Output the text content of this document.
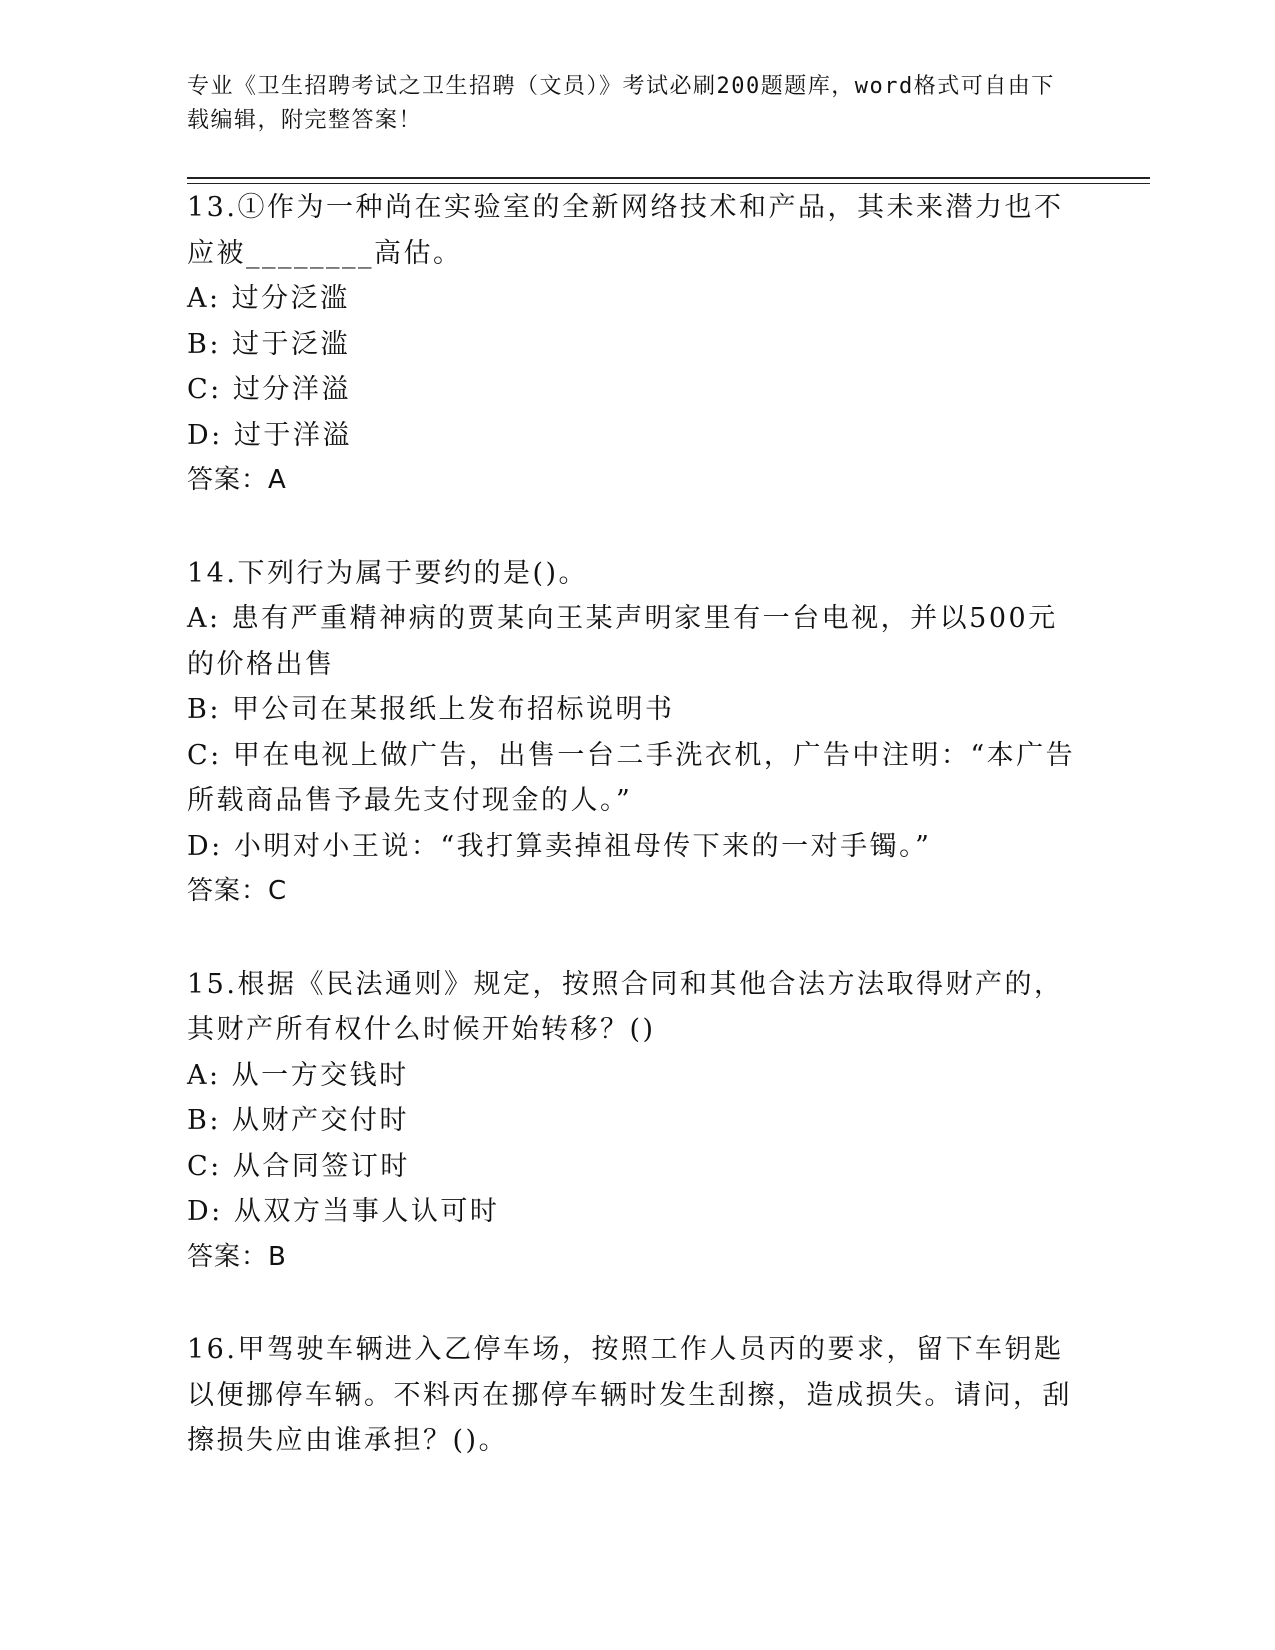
专业《卫生招聘考试之卫生招聘（文员）》考试必刷200题题库，word格式可自由下载编辑，附完整答案！

13.①作为一种尚在实验室的全新网络技术和产品，其未来潜力也不应被________高估。

A: 过分泛滥

B: 过于泛滥

C: 过分洋溢

D: 过于洋溢

答案：A

14.下列行为属于要约的是()。

A: 患有严重精神病的贾某向王某声明家里有一台电视，并以500元的价格出售

B: 甲公司在某报纸上发布招标说明书

C: 甲在电视上做广告，出售一台二手洗衣机，广告中注明：“本广告所载商品售予最先支付现金的人。”

D: 小明对小王说：“我打算卖掉祖母传下来的一对手镯。”

答案：C

15.根据《民法通则》规定，按照合同和其他合法方法取得财产的，其财产所有权什么时候开始转移？()

A: 从一方交钱时

B: 从财产交付时

C: 从合同签订时

D: 从双方当事人认可时

答案：B

16.甲驾驶车辆进入乙停车场，按照工作人员丙的要求，留下车钥匙以便挪停车辆。不料丙在挪停车辆时发生刮擦，造成损失。请问，刮擦损失应由谁承担？()。
